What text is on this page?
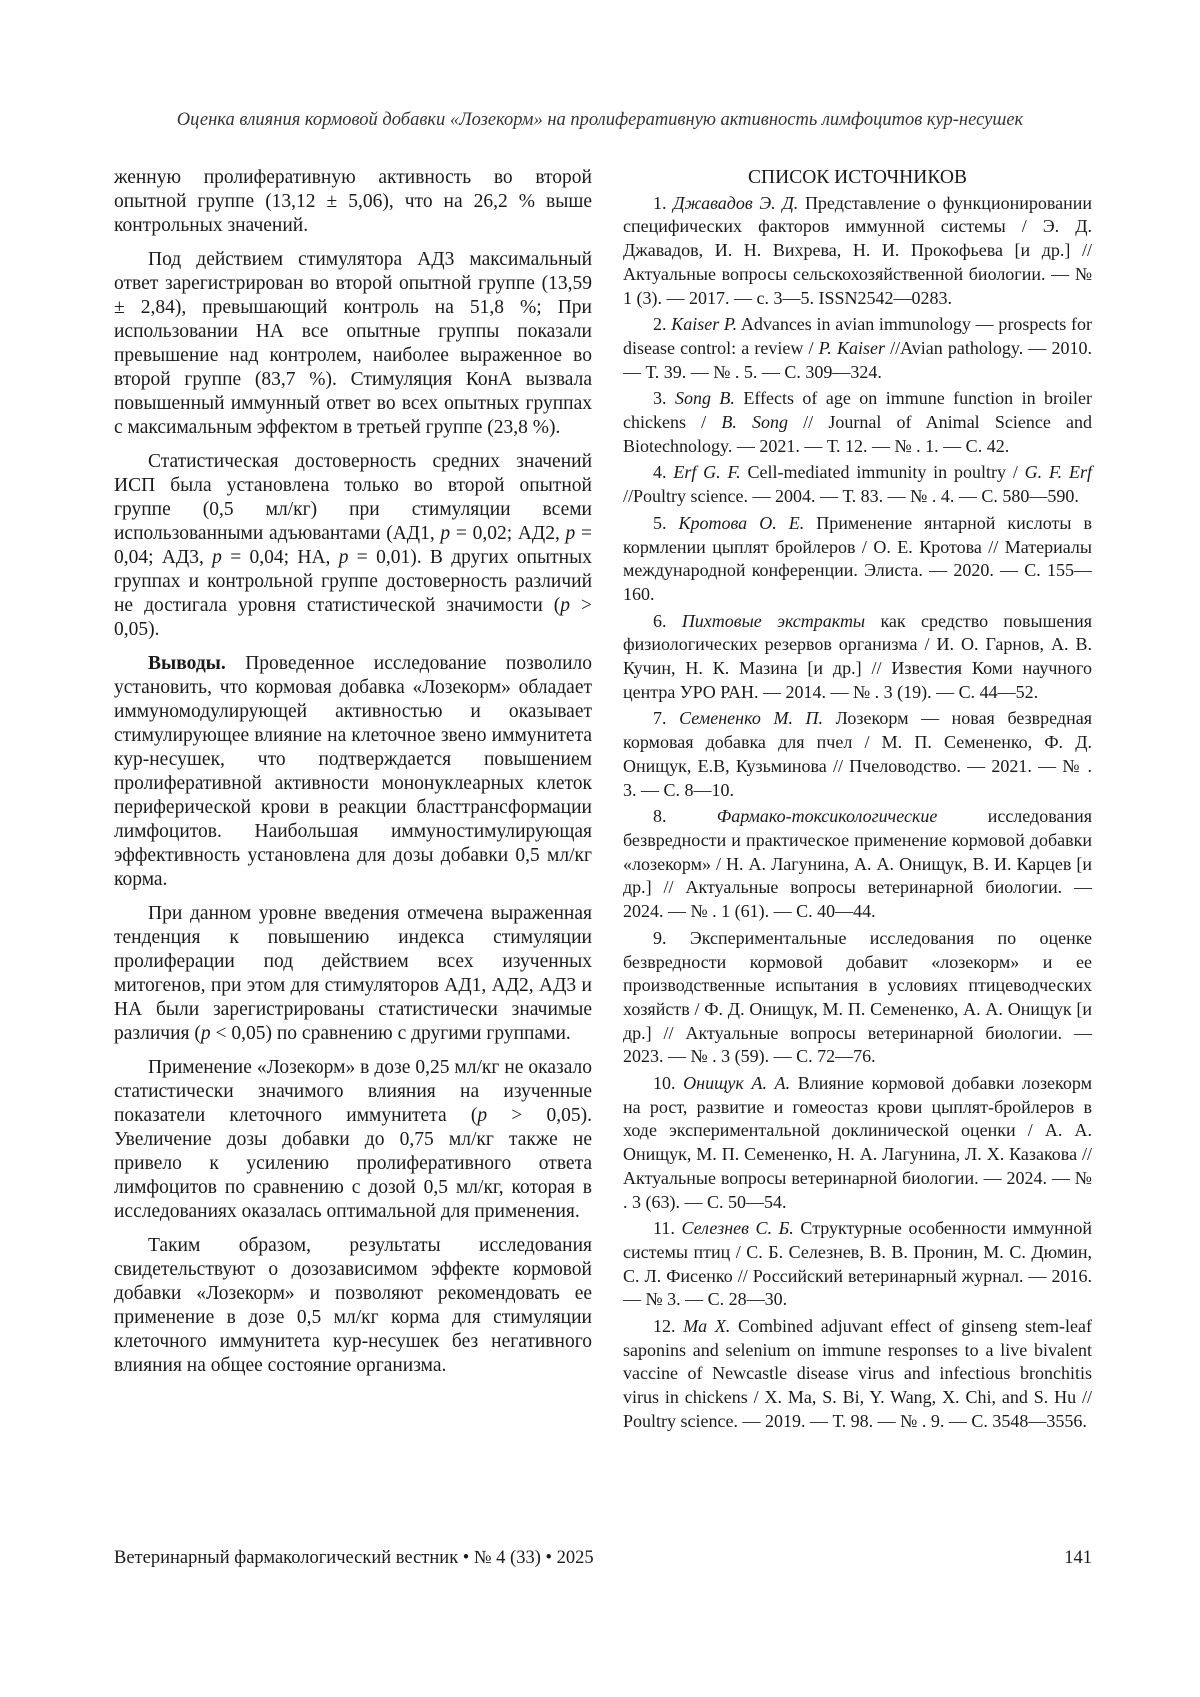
Оценка влияния кормовой добавки «Лозекорм» на пролиферативную активность лимфоцитов кур-несушек

женную пролиферативную активность во второй опытной группе (13,12 ± 5,06), что на 26,2 % выше контрольных значений.

Под действием стимулятора АД3 максимальный ответ зарегистрирован во второй опытной группе (13,59 ± 2,84), превышающий контроль на 51,8 %; При использовании НА все опытные группы показали превышение над контролем, наиболее выраженное во второй группе (83,7 %). Стимуляция КонА вызвала повышенный иммунный ответ во всех опытных группах с максимальным эффектом в третьей группе (23,8 %).

Статистическая достоверность средних значений ИСП была установлена только во второй опытной группе (0,5 мл/кг) при стимуляции всеми использованными адъювантами (АД1, p = 0,02; АД2, p = 0,04; АД3, p = 0,04; НА, p = 0,01). В других опытных группах и контрольной группе достоверность различий не достигала уровня статистической значимости (p > 0,05).

Выводы. Проведенное исследование позволило установить, что кормовая добавка «Лозекорм» обладает иммуномодулирующей активностью и оказывает стимулирующее влияние на клеточное звено иммунитета кур-несушек, что подтверждается повышением пролиферативной активности мононуклеарных клеток периферической крови в реакции бласттрансформации лимфоцитов. Наибольшая иммуностимулирующая эффективность установлена для дозы добавки 0,5 мл/кг корма.

При данном уровне введения отмечена выраженная тенденция к повышению индекса стимуляции пролиферации под действием всех изученных митогенов, при этом для стимуляторов АД1, АД2, АД3 и НА были зарегистрированы статистически значимые различия (p < 0,05) по сравнению с другими группами.

Применение «Лозекорм» в дозе 0,25 мл/кг не оказало статистически значимого влияния на изученные показатели клеточного иммунитета (p > 0,05). Увеличение дозы добавки до 0,75 мл/кг также не привело к усилению пролиферативного ответа лимфоцитов по сравнению с дозой 0,5 мл/кг, которая в исследованиях оказалась оптимальной для применения.

Таким образом, результаты исследования свидетельствуют о дозозависимом эффекте кормовой добавки «Лозекорм» и позволяют рекомендовать ее применение в дозе 0,5 мл/кг корма для стимуляции клеточного иммунитета кур-несушек без негативного влияния на общее состояние организма.

СПИСОК ИСТОЧНИКОВ

1. Джавадов Э. Д. Представление о функционировании специфических факторов иммунной системы / Э. Д. Джавадов, И. Н. Вихрева, Н. И. Прокофьева [и др.] // Актуальные вопросы сельскохозяйственной биологии. — № 1 (3). — 2017. — с. 3—5. ISSN2542—0283.

2. Kaiser P. Advances in avian immunology — prospects for disease control: a review / P. Kaiser //Avian pathology. — 2010. — Т. 39. — № . 5. — С. 309—324.

3. Song B. Effects of age on immune function in broiler chickens / B. Song // Journal of Animal Science and Biotechnology. — 2021. — Т. 12. — № . 1. — С. 42.

4. Erf G. F. Cell-mediated immunity in poultry / G. F. Erf //Poultry science. — 2004. — Т. 83. — № . 4. — С. 580—590.

5. Кротова О. Е. Применение янтарной кислоты в кормлении цыплят бройлеров / О. Е. Кротова // Материалы международной конференции. Элиста. — 2020. — С. 155—160.

6. Пихтовые экстракты как средство повышения физиологических резервов организма / И. О. Гарнов, А. В. Кучин, Н. К. Мазина [и др.] // Известия Коми научного центра УРО РАН. — 2014. — № . 3 (19). — С. 44—52.

7. Семененко М. П. Лозекорм — новая безвредная кормовая добавка для пчел / М. П. Семененко, Ф. Д. Онищук, Е.В, Кузьминова // Пчеловодство. — 2021. — № . 3. — С. 8—10.

8.	Фармако-токсикологические исследования безвредности и практическое применение кормовой добавки «лозекорм» / Н. А. Лагунина, А. А. Онищук, В. И. Карцев [и др.] // Актуальные вопросы ветеринарной биологии. — 2024. — № . 1 (61). — С. 40—44.

9. Экспериментальные исследования по оценке безвредности кормовой добавит «лозекорм» и ее производственные испытания в условиях птицеводческих хозяйств / Ф. Д. Онищук, М. П. Семененко, А. А. Онищук [и др.] // Актуальные вопросы ветеринарной биологии. — 2023. — № . 3 (59). — С. 72—76.

10. Онищук А. А. Влияние кормовой добавки лозекорм на рост, развитие и гомеостаз крови цыплят-бройлеров в ходе экспериментальной доклинической оценки / А. А. Онищук, М. П. Семененко, Н. А. Лагунина, Л. Х. Казакова // Актуальные вопросы ветеринарной биологии. — 2024. — № . 3 (63). — С. 50—54.

11. Селезнев С. Б. Структурные особенности иммунной системы птиц / С. Б. Селезнев, В. В. Пронин, М. С. Дюмин, С. Л. Фисенко // Российский ветеринарный журнал. — 2016. — № 3. — С. 28—30.

12. Ma X. Combined adjuvant effect of ginseng stem-leaf saponins and selenium on immune responses to a live bivalent vaccine of Newcastle disease virus and infectious bronchitis virus in chickens / X. Ma, S. Bi, Y. Wang, X. Chi, and S. Hu // Poultry science. — 2019. — Т. 98. — № . 9. — С. 3548—3556.

Ветеринарный фармакологический вестник • № 4 (33) • 2025	141
